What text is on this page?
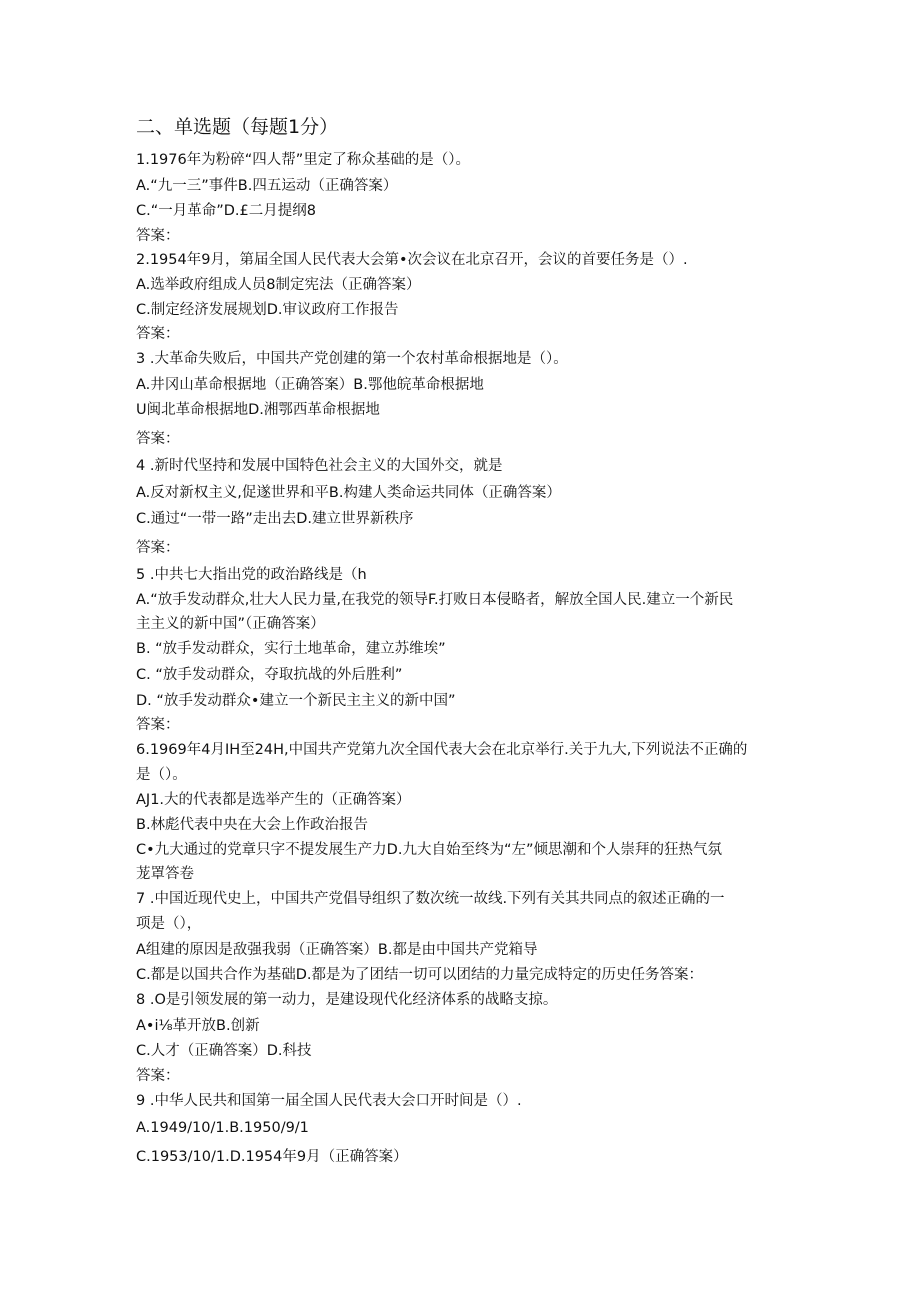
二、单选题（每题1分）
1.1976年为粉碎“四人帮”里定了称众基础的是（）。
A.“九一三”事件B.四五运动（正确答案）
C.“一月革命”D.£二月提纲8
答案：
2.1954年9月，第届全国人民代表大会第•次会议在北京召开，会议的首要任务是（）.
A.选举政府组成人员8制定宪法（正确答案）
C.制定经济发展规划D.审议政府工作报告
答案：
3 .大革命失败后，中国共产党创建的第一个农村革命根据地是（）。
A.井冈山革命根据地（正确答案）B.鄂他皖革命根据地
U闽北革命根据地D.湘鄂西革命根据地
答案：
4 .新时代坚持和发展中国特色社会主义的大国外交，就是
A.反对新权主义,促遂世界和平B.构建人类命运共同体（正确答案）
C.通过“一带一路”走出去D.建立世界新秩序
答案：
5 .中共七大指出党的政治路线是（h
A.“放手发动群众,壮大人民力量,在我党的领导F.打败日本侵略者，解放全国人民.建立一个新民
主主义的新中国”（正确答案）
B. “放手发动群众，实行土地革命，建立苏维埃”
C. “放手发动群众，夺取抗战的外后胜利”
D. “放手发动群众•建立一个新民主主义的新中国”
答案：
6.1969年4月IH至24H,中国共产党第九次全国代表大会在北京举行.关于九大,下列说法不正确的
是（）。
AJ1.大的代表都是选举产生的（正确答案）
B.林彪代表中央在大会上作政治报告
C•九大通过的党章只字不提发展生产力D.九大自始至终为“左”倾思潮和个人崇拜的狂热气氛
茏罩答卷
7 .中国近现代史上，中国共产党倡导组织了数次统一故线.下列有关其共同点的叙述正确的一
项是（），
A组建的原因是敌强我弱（正确答案）B.都是由中国共产党箱导
C.都是以国共合作为基础D.都是为了团结一切可以团结的力量完成特定的历史任务答案：
8 .O是引领发展的第一动力，是建设现代化经济体系的战略支掠。
A•i⅛革开放B.创新
C.人才（正确答案）D.科技
答案：
9 .中华人民共和国第一届全国人民代表大会口开时间是（）.
A.1949/10/1.B.1950/9/1
C.1953/10/1.D.1954年9月（正确答案）
